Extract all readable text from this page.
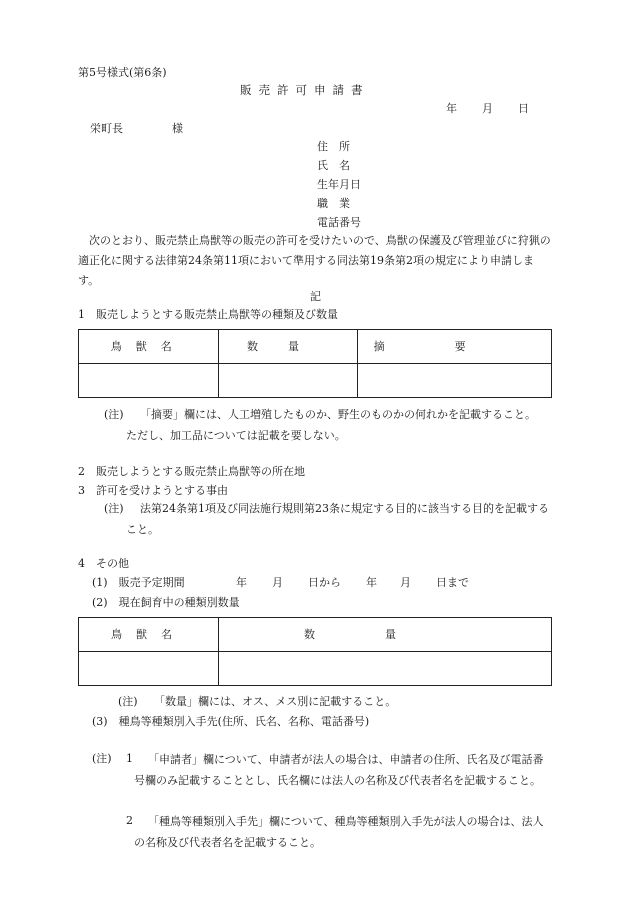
第5号様式(第6条)
販売許可申請書
年 月 日
栄町長	様
住　所
氏　名
生年月日
職　業
電話番号
次のとおり、販売禁止鳥獣等の販売の許可を受けたいので、鳥獣の保護及び管理並びに狩猟の適正化に関する法律第24条第11項において準用する同法第19条第2項の規定により申請します。
記
1　販売しようとする販売禁止鳥獣等の種類及び数量
鳥獣名	数量	摘要

(注) 「摘要」欄には、人工増殖したものか、野生のものかの何れかを記載すること。
ただし、加工品については記載を要しない。
2　販売しようとする販売禁止鳥獣等の所在地
3　許可を受けようとする事由
(注)	法第24条第1項及び同法施行規則第23条に規定する目的に該当する目的を記載すること。
4　その他
(1)　販売予定期間	年 月 日から 年 月 日まで
(2)　現在飼育中の種類別数量
鳥獣名	数量

(注) 「数量」欄には、オス、メス別に記載すること。
(3)　種鳥等種類別入手先(住所、氏名、名称、電話番号)
(注) 1	「申請者」欄について、申請者が法人の場合は、申請者の住所、氏名及び電話番号欄のみ記載することとし、氏名欄には法人の名称及び代表者名を記載すること。
2	「種鳥等種類別入手先」欄について、種鳥等種類別入手先が法人の場合は、法人の名称及び代表者名を記載すること。
